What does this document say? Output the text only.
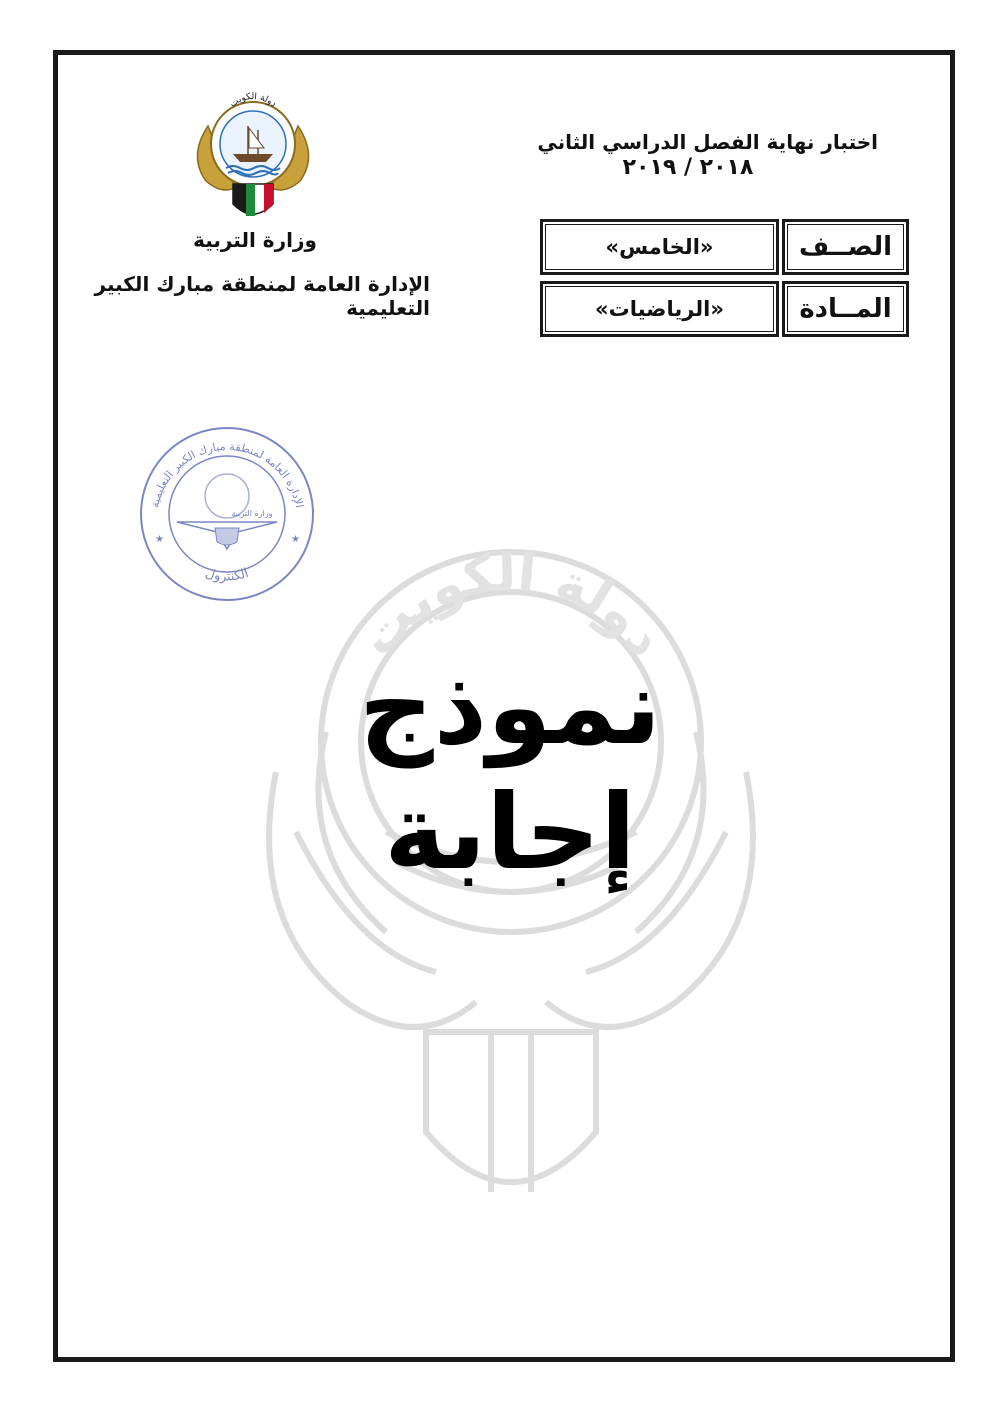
دولة الكويت
دولة الكويت
وزارة التربية
الإدارة العامة لمنطقة مبارك الكبير التعليمية
اختبار نهاية الفصل الدراسي الثاني
٢٠١٨ / ٢٠١٩
الصــف
«الخامس»
المــادة
«الرياضيات»
★	★
الإدارة العامة لمنطقة مبارك الكبير التعليمية
الكنترول
وزارة التربية
نموذج إجابة
